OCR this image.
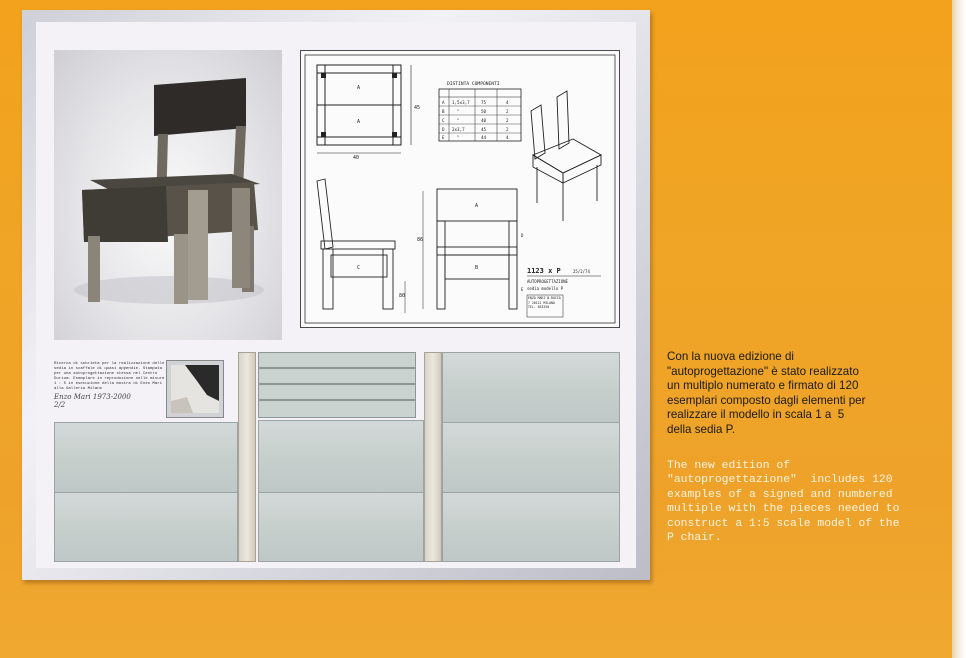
A
A
40
45
DISTINTA COMPONENTI
A 1,5x3,7	75	4
B	"	50	2
C	"	40	2
D 2x3,7	45	2
E	"	44	4
C
A
B
86
80
D
E
1123 x P	25/2/74
AUTOPROGETTAZIONE
sedia modello P
ENZO MARI B.ROCCA 7 20121 MILANO TEL. 653250
Ricerca di sobrieta per la realizzazione delle sedia in scaffale di quasi appendie. Stampata per una autoprogettazione stessa nel Centro Durium. Esemplare in reproduzione nelle misure 1 : 5 in esecuzione della mostra di Enzo Mari alla Galleria Milano
Enzo Mari 1973-2000
2/2
Con la nuova edizione di
"autoprogettazione" è stato realizzato
un multiplo numerato e firmato di 120
esemplari composto dagli elementi per
realizzare il modello in scala 1 a  5
della sedia P.
The new edition of
"autoprogettazione"  includes 120
examples of a signed and numbered
multiple with the pieces needed to
construct a 1:5 scale model of the
P chair.
